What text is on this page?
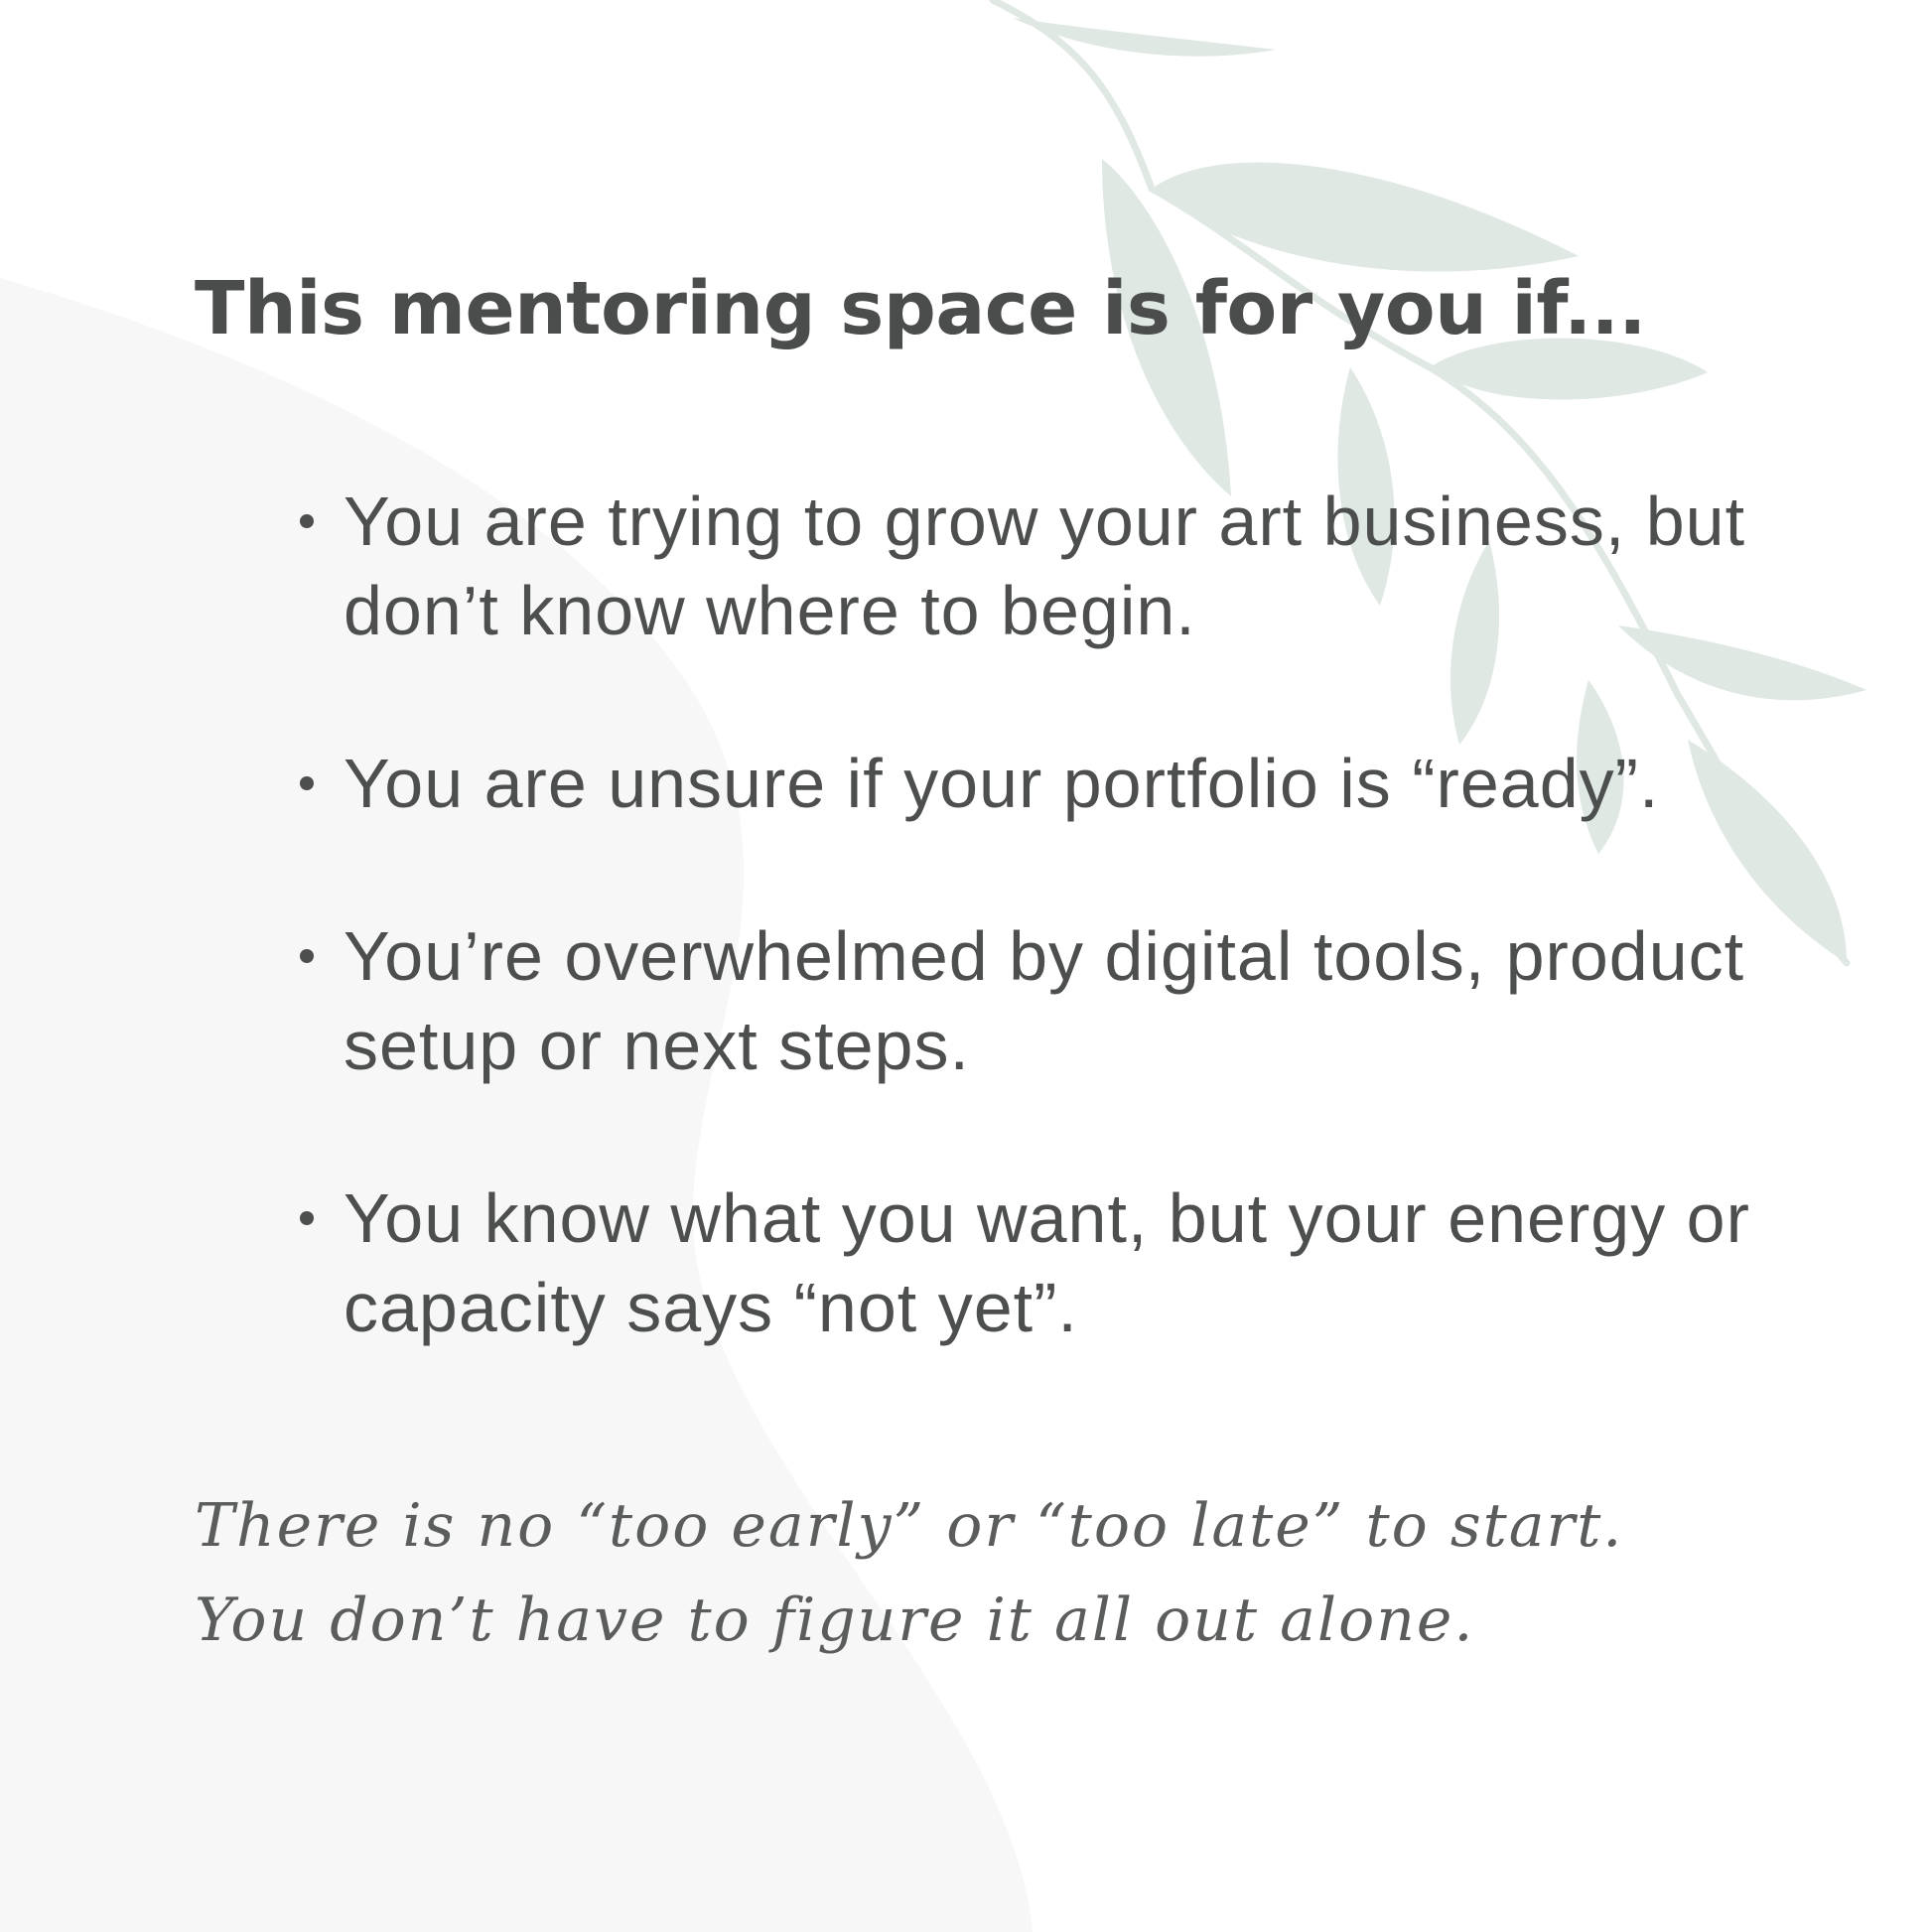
This mentoring space is for you if...
You are trying to grow your art business, but don’t know where to begin.
You are unsure if your portfolio is “ready”.
You’re overwhelmed by digital tools, product setup or next steps.
You know what you want, but your energy or capacity says “not yet”.
There is no “too early” or “too late” to start.
You don’t have to figure it all out alone.
